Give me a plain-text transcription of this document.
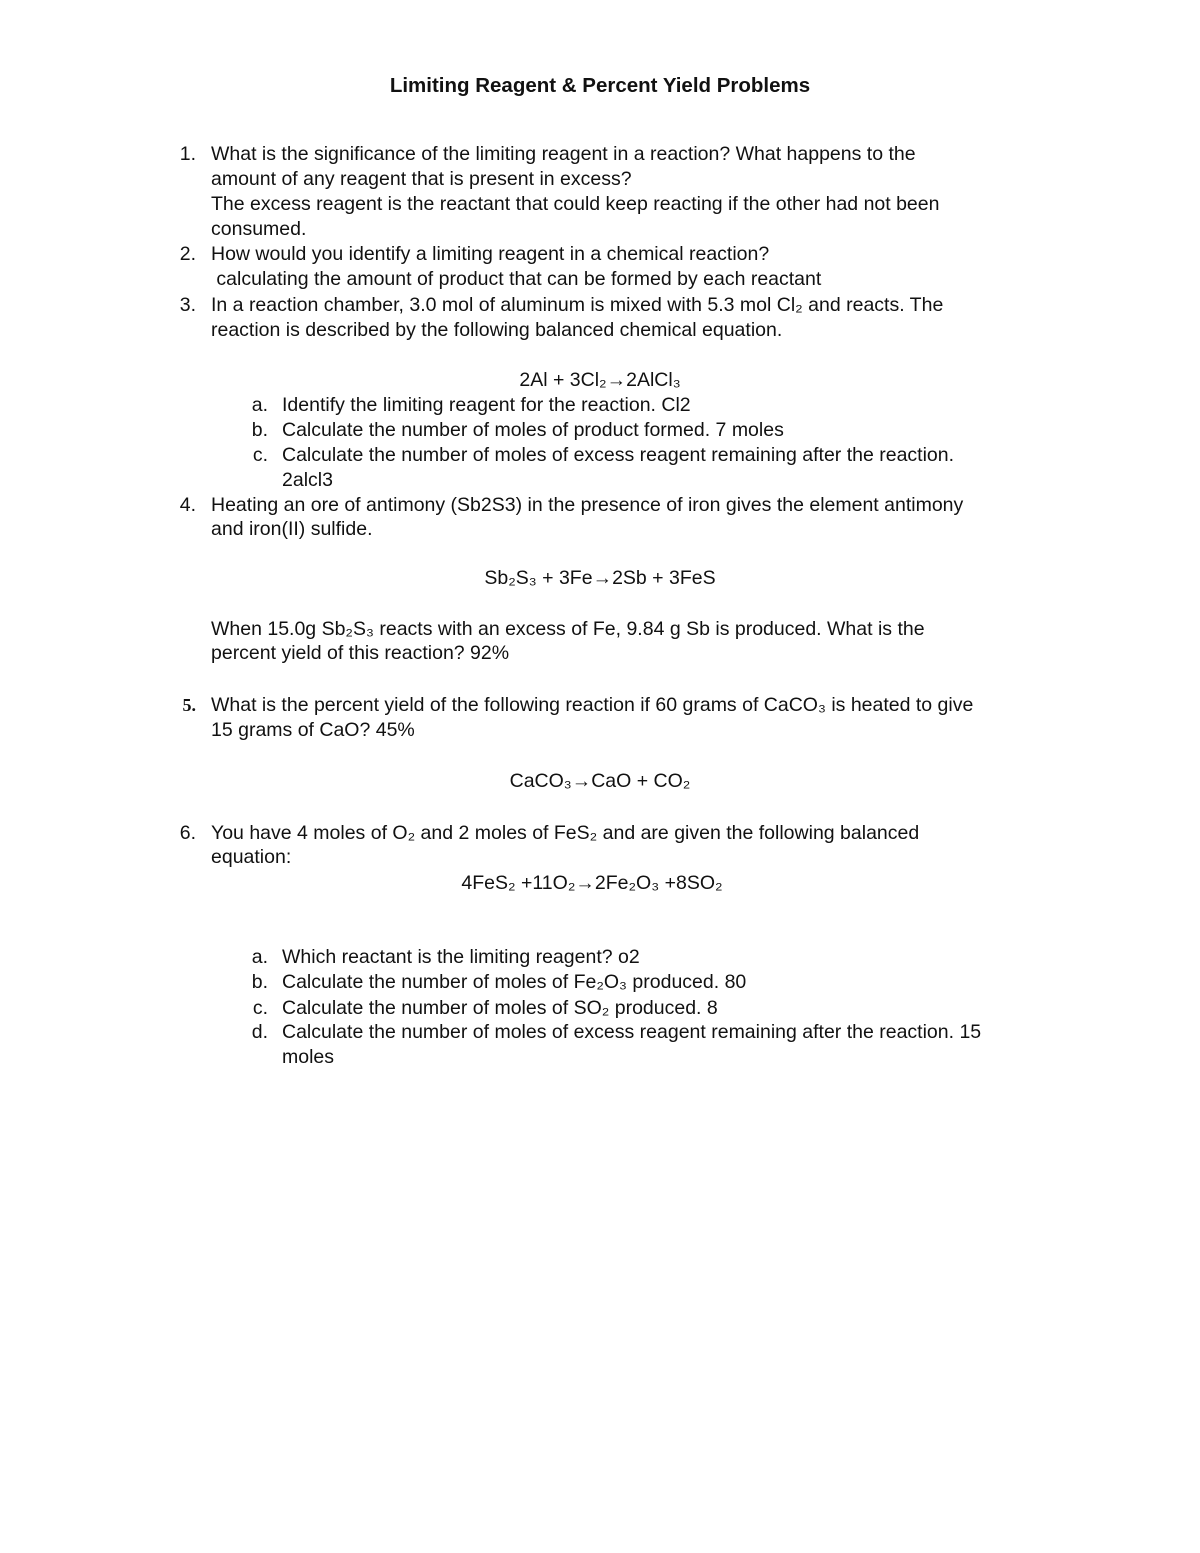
Limiting Reagent & Percent Yield Problems
1. What is the significance of the limiting reagent in a reaction? What happens to the
amount of any reagent that is present in excess?
The excess reagent is the reactant that could keep reacting if the other had not been
consumed.
2. How would you identify a limiting reagent in a chemical reaction?
calculating the amount of product that can be formed by each reactant
3. In a reaction chamber, 3.0 mol of aluminum is mixed with 5.3 mol Cl₂ and reacts. The
reaction is described by the following balanced chemical equation.
2Al + 3Cl₂→2AlCl₃
a. Identify the limiting reagent for the reaction. Cl2
b. Calculate the number of moles of product formed. 7 moles
c. Calculate the number of moles of excess reagent remaining after the reaction.
2alcl3
4. Heating an ore of antimony (Sb2S3) in the presence of iron gives the element antimony
and iron(II) sulfide.
Sb₂S₃ + 3Fe→2Sb + 3FeS
When 15.0g Sb₂S₃ reacts with an excess of Fe, 9.84 g Sb is produced. What is the
percent yield of this reaction? 92%
5. What is the percent yield of the following reaction if 60 grams of CaCO₃ is heated to give
15 grams of CaO? 45%
CaCO₃→CaO + CO₂
6. You have 4 moles of O₂ and 2 moles of FeS₂ and are given the following balanced
equation:
4FeS₂ +11O₂→2Fe₂O₃ +8SO₂
a. Which reactant is the limiting reagent? o2
b. Calculate the number of moles of Fe₂O₃ produced. 80
c. Calculate the number of moles of SO₂ produced. 8
d. Calculate the number of moles of excess reagent remaining after the reaction. 15
moles
